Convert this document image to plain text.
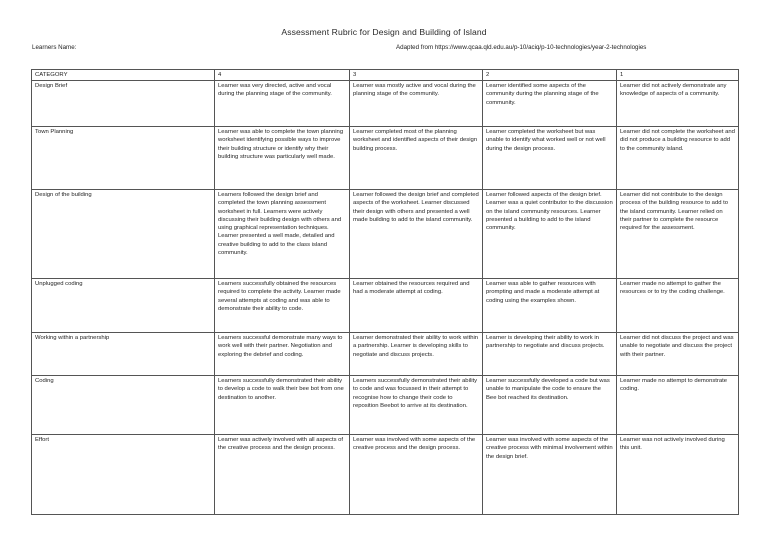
Assessment Rubric for Design and Building of Island
Learners Name:	Adapted from https://www.qcaa.qld.edu.au/p-10/aciq/p-10-technologies/year-2-technologies
CATEGORY	4	3	2	1
Design Brief	Learner was very directed, active and vocal during the planning stage of the community.	Learner was mostly active and vocal during the planning stage of the community.	Learner identified some aspects of the community during the planning stage of the community.	Learner did not actively demonstrate any knowledge of aspects of a community.
Town Planning	Learner was able to complete the town planning worksheet identifying possible ways to improve their building structure or identify why their building structure was particularly well made.	Learner completed most of the planning worksheet and identified aspects of their design building process.	Learner completed the worksheet but was unable to identify what worked well or not well during the design process.	Learner did not complete the worksheet and did not produce a building resource to add to the community island.
Design of the building	Learners followed the design brief and completed the town planning assessment worksheet in full. Learners were actively discussing their building design with others and using graphical representation techniques. Learner presented a well made, detailed and creative building to add to the class island community.	Learner followed the design brief and completed aspects of the worksheet. Learner discussed their design with others and presented a well made building to add to the island community.	Learner followed aspects of the design brief. Learner was a quiet contributor to the discussion on the island community resources. Learner presented a building to add to the island community.	Learner did not contribute to the design process of the building resource to add to the island community. Learner relied on their partner to complete the resource required for the assessment.
Unplugged coding	Learners successfully obtained the resources required to complete the activity. Learner made several attempts at coding and was able to demonstrate their ability to code.	Learner obtained the resources required and had a moderate attempt at coding.	Learner was able to gather resources with prompting and made a moderate attempt at coding using the examples shown.	Learner made no attempt to gather the resources or to try the coding challenge.
Working within a partnership	Learners successful demonstrate many ways to work well with their partner. Negotiation and exploring the debrief and coding.	Learner demonstrated their ability to work within a partnership. Learner is developing skills to negotiate and discuss projects.	Learner is developing their ability to work in partnership to negotiate and discuss projects.	Learner did not discuss the project and was unable to negotiate and discuss the project with their partner.
Coding	Learners successfully demonstrated their ability to develop a code to walk their bee bot from one destination to another.	Learners successfully demonstrated their ability to code and was focussed in their attempt to recognise how to change their code to reposition Beebot to arrive at its destination.	Learner successfully developed a code but was unable to manipulate the code to ensure the Bee bot reached its destination.	Learner made no attempt to demonstrate coding.
Effort	Learner was actively involved with all aspects of the creative process and the design process.	Learner was involved with some aspects of the creative process and the design process.	Learner was involved with some aspects of the creative process with minimal involvement within the design brief.	Learner was not actively involved during this unit.
